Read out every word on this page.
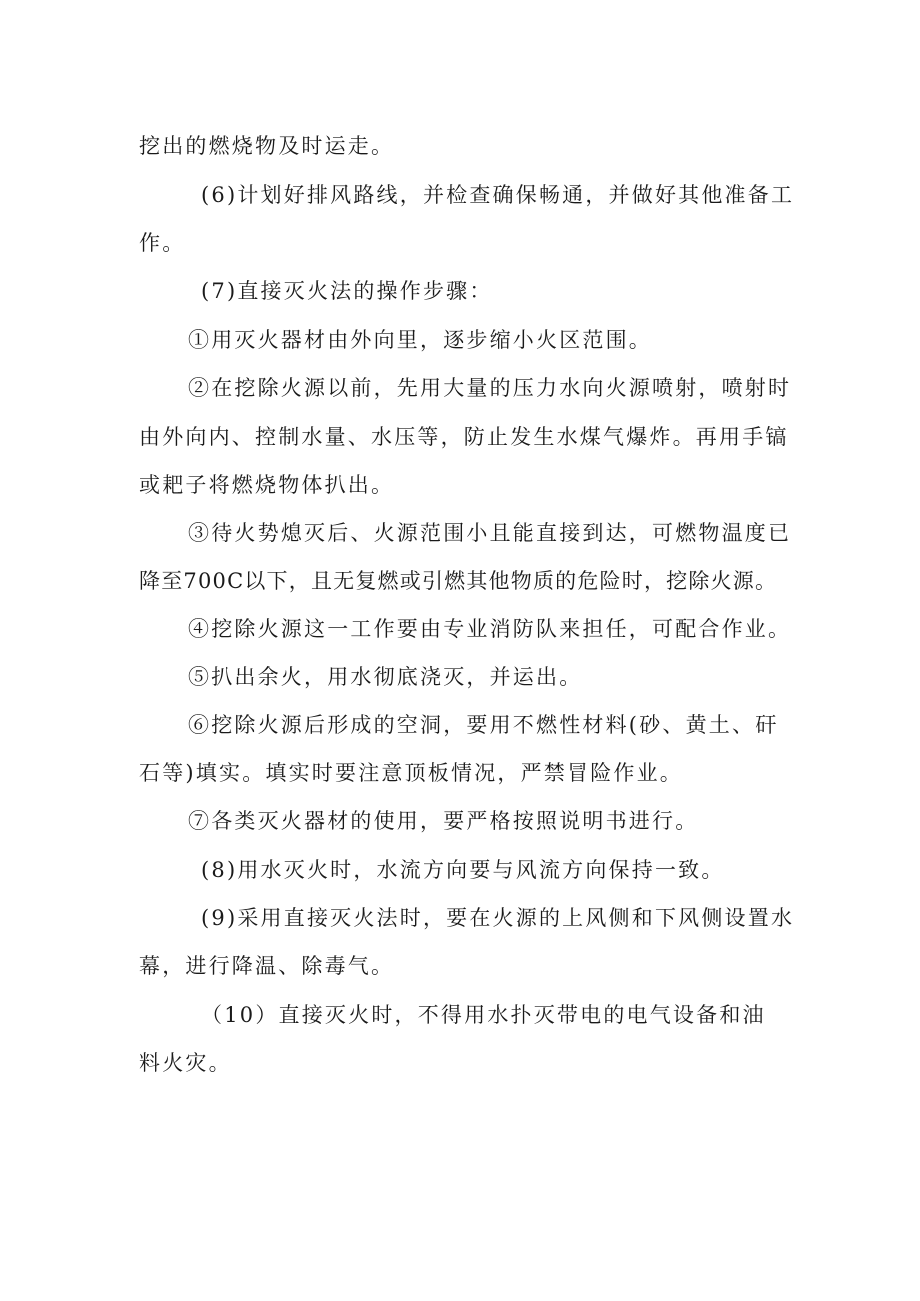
挖出的燃烧物及时运走。
(6)计划好排风路线，并检查确保畅通，并做好其他准备工
作。
(7)直接灭火法的操作步骤：
①用灭火器材由外向里，逐步缩小火区范围。
②在挖除火源以前，先用大量的压力水向火源喷射，喷射时
由外向内、控制水量、水压等，防止发生水煤气爆炸。再用手镐
或耙子将燃烧物体扒出。
③待火势熄灭后、火源范围小且能直接到达，可燃物温度已
降至700C以下，且无复燃或引燃其他物质的危险时，挖除火源。
④挖除火源这一工作要由专业消防队来担任，可配合作业。
⑤扒出余火，用水彻底浇灭，并运出。
⑥挖除火源后形成的空洞，要用不燃性材料(砂、黄土、矸
石等)填实。填实时要注意顶板情况，严禁冒险作业。
⑦各类灭火器材的使用，要严格按照说明书进行。
(8)用水灭火时，水流方向要与风流方向保持一致。
(9)采用直接灭火法时，要在火源的上风侧和下风侧设置水
幕，进行降温、除毒气。
（10）直接灭火时，不得用水扑灭带电的电气设备和油
料火灾。
